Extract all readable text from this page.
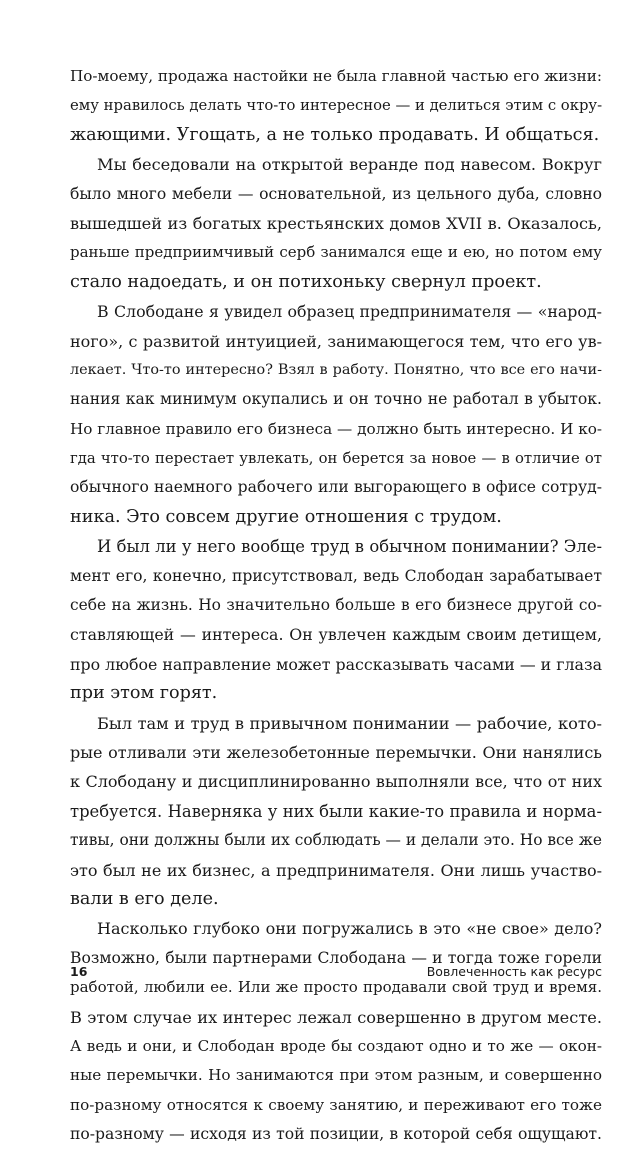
По-моему, продажа настойки не была главной частью его жизни:
ему нравилось делать что-то интересное — и делиться этим с окру-
жающими. Угощать, а не только продавать. И общаться.
Мы беседовали на открытой веранде под навесом. Вокруг
было много мебели — основательной, из цельного дуба, словно
вышедшей из богатых крестьянских домов XVII в. Оказалось,
раньше предприимчивый серб занимался еще и ею, но потом ему
стало надоедать, и он потихоньку свернул проект.
В Слободане я увидел образец предпринимателя — «народ-
ного», с развитой интуицией, занимающегося тем, что его ув-
лекает. Что-то интересно? Взял в работу. Понятно, что все его начи-
нания как минимум окупались и он точно не работал в убыток.
Но главное правило его бизнеса — должно быть интересно. И ко-
гда что-то перестает увлекать, он берется за новое — в отличие от
обычного наемного рабочего или выгорающего в офисе сотруд-
ника. Это совсем другие отношения с трудом.
И был ли у него вообще труд в обычном понимании? Эле-
мент его, конечно, присутствовал, ведь Слободан зарабатывает
себе на жизнь. Но значительно больше в его бизнесе другой со-
ставляющей — интереса. Он увлечен каждым своим детищем,
про любое направление может рассказывать часами — и глаза
при этом горят.
Был там и труд в привычном понимании — рабочие, кото-
рые отливали эти железобетонные перемычки. Они нанялись
к Слободану и дисциплинированно выполняли все, что от них
требуется. Наверняка у них были какие-то правила и норма-
тивы, они должны были их соблюдать — и делали это. Но все же
это был не их бизнес, а предпринимателя. Они лишь участво-
вали в его деле.
Насколько глубоко они погружались в это «не свое» дело?
Возможно, были партнерами Слободана — и тогда тоже горели
работой, любили ее. Или же просто продавали свой труд и время.
В этом случае их интерес лежал совершенно в другом месте.
А ведь и они, и Слободан вроде бы создают одно и то же — окон-
ные перемычки. Но занимаются при этом разным, и совершенно
по-разному относятся к своему занятию, и переживают его тоже
по-разному — исходя из той позиции, в которой себя ощущают.
16	Вовлеченность как ресурс
